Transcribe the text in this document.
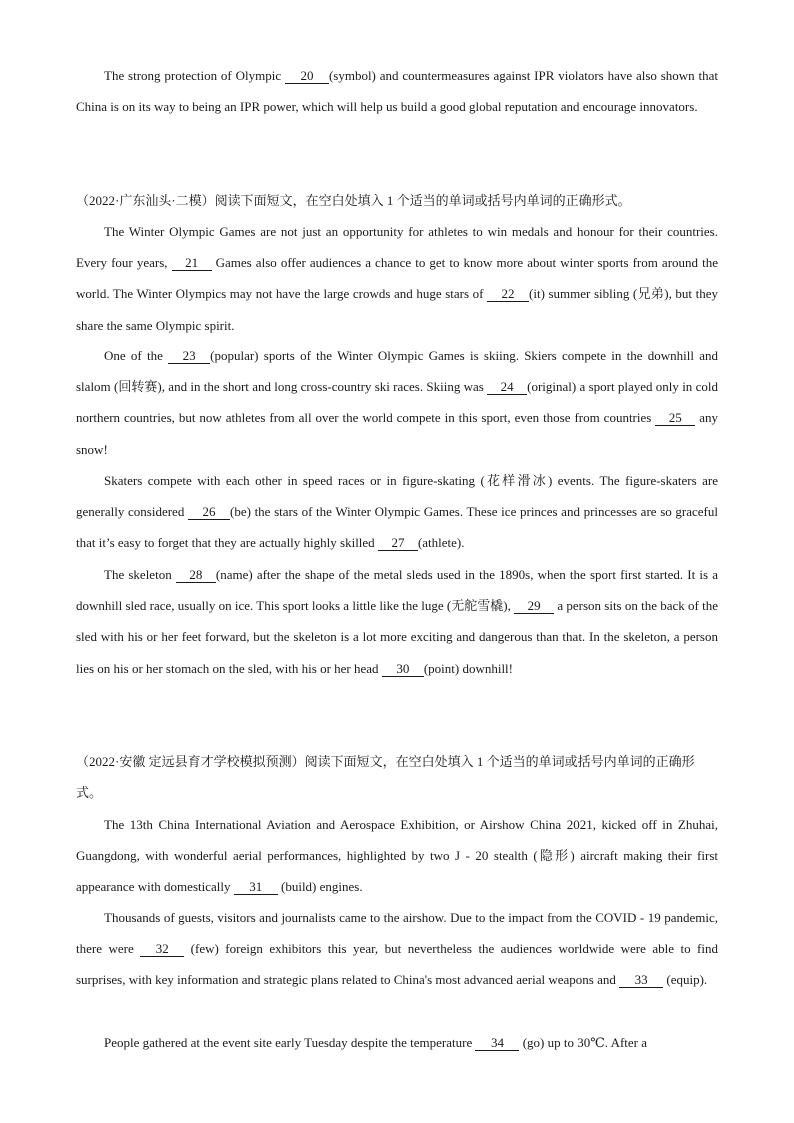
The strong protection of Olympic 20 (symbol) and countermeasures against IPR violators have also shown that China is on its way to being an IPR power, which will help us build a good global reputation and encourage innovators.

（2022·广东汕头·二模）阅读下面短文，在空白处填入 1 个适当的单词或括号内单词的正确形式。

The Winter Olympic Games are not just an opportunity for athletes to win medals and honour for their countries. Every four years, 21 Games also offer audiences a chance to get to know more about winter sports from around the world. The Winter Olympics may not have the large crowds and huge stars of 22 (it) summer sibling (兄弟), but they share the same Olympic spirit.

One of the 23 (popular) sports of the Winter Olympic Games is skiing. Skiers compete in the downhill and slalom (回转赛), and in the short and long cross-country ski races. Skiing was 24 (original) a sport played only in cold northern countries, but now athletes from all over the world compete in this sport, even those from countries 25 any snow!

Skaters compete with each other in speed races or in figure-skating (花样滑冰) events. The figure-skaters are generally considered 26 (be) the stars of the Winter Olympic Games. These ice princes and princesses are so graceful that it’s easy to forget that they are actually highly skilled 27 (athlete).

The skeleton 28 (name) after the shape of the metal sleds used in the 1890s, when the sport first started. It is a downhill sled race, usually on ice. This sport looks a little like the luge (无舵雪橇), 29 a person sits on the back of the sled with his or her feet forward, but the skeleton is a lot more exciting and dangerous than that. In the skeleton, a person lies on his or her stomach on the sled, with his or her head 30 (point) downhill!

（2022·安徽 定远县育才学校模拟预测）阅读下面短文，在空白处填入 1 个适当的单词或括号内单词的正确形式。

The 13th China International Aviation and Aerospace Exhibition, or Airshow China 2021, kicked off in Zhuhai, Guangdong, with wonderful aerial performances, highlighted by two J - 20 stealth (隐形) aircraft making their first appearance with domestically 31 (build) engines.

Thousands of guests, visitors and journalists came to the airshow. Due to the impact from the COVID - 19 pandemic, there were 32 (few) foreign exhibitors this year, but nevertheless the audiences worldwide were able to find surprises, with key information and strategic plans related to China's most advanced aerial weapons and 33 (equip).

People gathered at the event site early Tuesday despite the temperature 34 (go) up to 30℃. After a
